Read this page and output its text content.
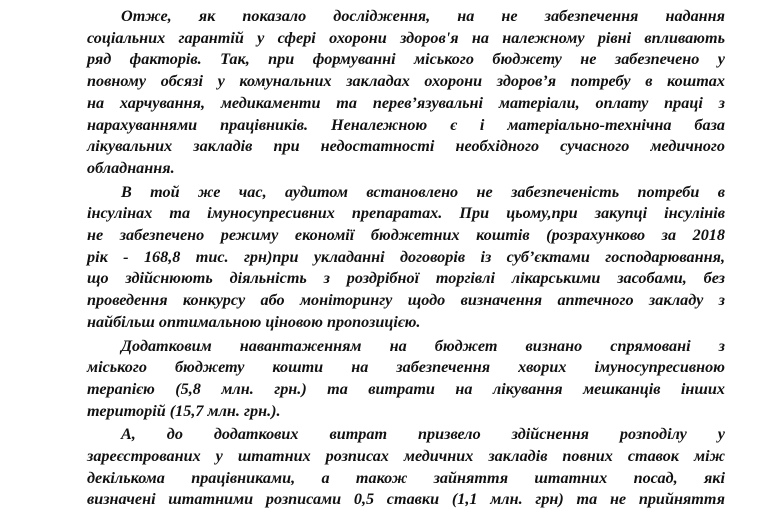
Отже, як показало дослідження, на не забезпечення надання
соціальних гарантій у сфері охорони здоров'я на належному рівні впливають
ряд факторів. Так, при формуванні міського бюджету не забезпечено у
повному обсязі у комунальних закладах охорони здоров’я потребу в коштах
на харчування, медикаменти та перев’язувальні матеріали, оплату праці з
нарахуваннями працівників. Неналежною є і матеріально-технічна база
лікувальних закладів при недостатності необхідного сучасного медичного
обладнання.
В той же час, аудитом встановлено не забезпеченість потреби в
інсулінах та імуносупресивних препаратах. При цьому,при закупці інсулінів
не забезпечено режиму економії бюджетних коштів (розрахунково за 2018
рік - 168,8 тис. грн)при укладанні договорів із суб’єктами господарювання,
що здійснюють діяльність з роздрібної торгівлі лікарськими засобами, без
проведення конкурсу або моніторингу щодо визначення аптечного закладу з
найбільш оптимальною ціновою пропозицією.
Додатковим навантаженням на бюджет визнано спрямовані з
міського бюджету кошти на забезпечення хворих імуносупресивною
терапією (5,8 млн. грн.) та витрати на лікування мешканців інших
територій (15,7 млн. грн.).
А, до додаткових витрат призвело здійснення розподілу у
зареєстрованих у штатних розписах медичних закладів повних ставок між
декількома працівниками, а також зайняття штатних посад, які
визначені штатними розписами 0,5 ставки (1,1 млн. грн) та не прийняття
